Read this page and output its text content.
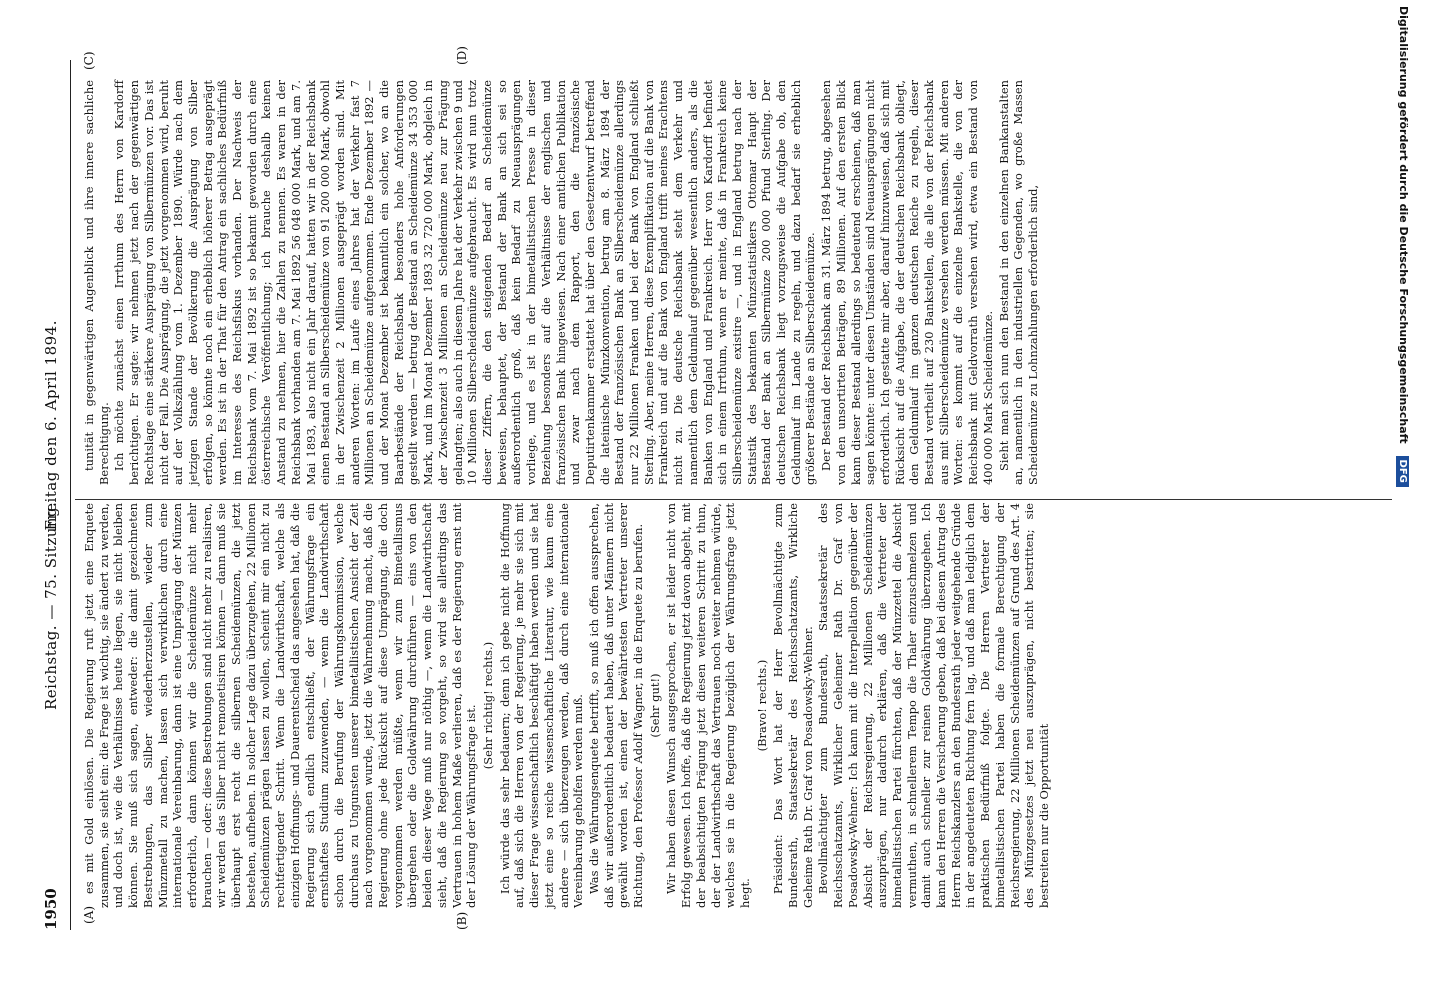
1950
Reichstag. — 75. Sitzung.
Freitag den 6. April 1894.
(A)	(B)
(C)	(D)

es mit Gold einlösen. Die Regierung ruft jetzt eine Enquete zusammen, sie sieht ein: die Frage ist wichtig, sie ändert zu werden, und doch ist, wie die Verhältnisse heute liegen, sie nicht bleiben können. Sie muß sich sagen, entweder: die damit gezeichneten Bestrebungen, das Silber wiederherzustellen, wieder zum Münzmetall zu machen, lassen sich verwirklichen durch eine internationale Vereinbarung, dann ist eine Umprägung der Münzen erforderlich, dann können wir die Scheidemünze nicht mehr brauchen — oder: diese Bestrebungen sind nicht mehr zu realisiren, wir werden das Silber nicht remonetisiren können — dann muß sie überhaupt erst recht die silbernen Scheidemünzen, die jetzt bestehen, aufheben. In solcher Lage dazu überzugehen, 22 Millionen Scheidemünzen prägen lassen zu wollen, scheint mir ein nicht zu rechtfertigender Schritt. Wenn die Landwirthschaft, welche als einzigen Hoffnungs- und Dauerentscheid das angesehen hat, daß die Regierung sich endlich entschließt, der Währungsfrage ein ernsthaftes Studium zuzuwenden, — wenn die Landwirthschaft schon durch die Berufung der Währungskommission, welche durchaus zu Ungunsten unserer bimetallistischen Ansicht der Zeit nach vorgenommen wurde, jetzt die Wahrnehmung macht, daß die Regierung ohne jede Rücksicht auf diese Umprägung, die doch vorgenommen werden müßte, wenn wir zum Bimetallismus übergehen oder die Goldwährung durchführen — eins von den beiden dieser Wege muß nur nöthig —, wenn die Landwirthschaft sieht, daß die Regierung so vorgeht, so wird sie allerdings das Vertrauen in hohem Maße verlieren, daß es der Regierung ernst mit der Lösung der Währungsfrage ist. (Sehr richtig! rechts.) Ich würde das sehr bedauern; denn ich gebe nicht die Hoffnung auf, daß sich die Herren von der Regierung, je mehr sie sich mit dieser Frage wissenschaftlich beschäftigt haben werden und sie hat jetzt eine so reiche wissenschaftliche Literatur, wie kaum eine andere — sich überzeugen werden, daß durch eine internationale Vereinbarung geholfen werden muß. Was die Währungsenquete betrifft, so muß ich offen aussprechen, daß wir außerordentlich bedauert haben, daß unter Männern nicht gewählt worden ist, einen der bewährtesten Vertreter unserer Richtung, den Professor Adolf Wagner, in die Enquete zu berufen. (Sehr gut!) Wir haben diesen Wunsch ausgesprochen, er ist leider nicht von Erfolg gewesen. Ich hoffe, daß die Regierung jetzt davon abgeht, mit der beabsichtigten Prägung jetzt diesen weiteren Schritt zu thun, der der Landwirthschaft das Vertrauen noch weiter nehmen würde, welches sie in die Regierung bezüglich der Währungsfrage jetzt hegt.

(Bravo! rechts.) Präsident: Das Wort hat der Herr Bevollmächtigte zum Bundesrath, Staatssekretär des Reichsschatzamts, Wirkliche Geheime Rath Dr. Graf von Posadowsky-Wehner. Bevollmächtigter zum Bundesrath, Staatssekretär des Reichsschatzamts, Wirklicher Geheimer Rath Dr. Graf von Posadowsky-Wehner: Ich kann mit die Interpellation gegenüber der Absicht der Reichsregierung, 22 Millionen Scheidemünzen auszuprägen, nur dadurch erklären, daß die Vertreter der bimetallistischen Partei fürchten, daß der Münzzettel die Absicht vermuthen, in schnellerem Tempo die Thaler einzuschmelzen und damit auch schneller zur reinen Goldwährung überzugehen. Ich kann den Herren die Versicherung geben, daß bei diesem Antrag des Herrn Reichskanzlers an den Bundesrath jeder weitgehende Gründe in der angedeuteten Richtung fern lag, und daß man lediglich dem praktischen Bedürfniß folgte. Die Herren Vertreter der bimetallistischen Partei haben die formale Berechtigung der Reichsregierung, 22 Millionen Scheidemünzen auf Grund des Art. 4 des Münzgesetzes jetzt neu auszuprägen, nicht bestritten; sie bestreiten nur die Opportunität

tunität in gegenwärtigen Augenblick und ihre innere sachliche Berechtigung. Ich möchte zunächst einen Irrthum des Herrn von Kardorff berichtigen. Er sagte: wir nehmen jetzt nach der gegenwärtigen Rechtslage eine stärkere Ausprägung von Silbermünzen vor. Das ist nicht der Fall. Die Ausprägung, die jetzt vorgenommen wird, beruht auf der Volkszählung vom 1. Dezember 1890. Würde nach dem jetzigen Stande der Bevölkerung die Ausprägung von Silber erfolgen, so könnte noch ein erheblich höherer Betrag ausgeprägt werden. Es ist in der That für den Antrag ein sachliches Bedürfniß im Interesse des Reichsfiskus vorhanden. Der Nachweis der Reichsbank vom 7. Mai 1892 ist so bekannt geworden durch eine österreichische Veröffentlichung; ich brauche deshalb keinen Anstand zu nehmen, hier die Zahlen zu nennen. Es waren in der Reichsbank vorhanden am 7. Mai 1892 56 048 000 Mark, und am 7. Mai 1893, also nicht ein Jahr darauf, hatten wir in der Reichsbank einen Bestand an Silberscheidemünze von 91 200 000 Mark, obwohl in der Zwischenzeit 2 Millionen ausgeprägt worden sind. Mit anderen Worten: im Laufe eines Jahres hat der Verkehr fast 7 Millionen an Scheidemünze aufgenommen. Ende Dezember 1892 — und der Monat Dezember ist bekanntlich ein solcher, wo an die Baarbestände der Reichsbank besonders hohe Anforderungen gestellt werden — betrug der Bestand an Scheidemünze 34 353 000 Mark, und im Monat Dezember 1893 32 720 000 Mark, obgleich in der Zwischenzeit 3 Millionen an Scheidemünze neu zur Prägung gelangten; also auch in diesem Jahre hat der Verkehr zwischen 9 und 10 Millionen Silberscheidemünze aufgebraucht. Es wird nun trotz dieser Ziffern, die den steigenden Bedarf an Scheidemünze beweisen, behauptet, der Bestand der Bank an sich sei so außerordentlich groß, daß kein Bedarf zu Neuausprägungen vorliege, und es ist in der bimetallistischen Presse in dieser Beziehung besonders auf die Verhältnisse der englischen und französischen Bank hingewiesen. Nach einer amtlichen Publikation und zwar nach dem Rapport, den die französische Deputirtenkammer erstattet hat über den Gesetzentwurf betreffend die lateinische Münzkonvention, betrug am 8. März 1894 der Bestand der französischen Bank an Silberscheidemünze allerdings nur 22 Millionen Franken und bei der Bank von England schließt Sterling. Aber, meine Herren, diese Exemplifikation auf die Bank von Frankreich und auf die Bank von England trifft meines Erachtens nicht zu. Die deutsche Reichsbank steht dem Verkehr und namentlich dem Geldumlauf gegenüber wesentlich anders, als die Banken von England und Frankreich. Herr von Kardorff befindet sich in einem Irrthum, wenn er meinte, daß in Frankreich keine Silberscheidemünze existire —, und in England betrug nach der Statistik des bekannten Münzstatistikers Ottomar Haupt der Bestand der Bank an Silbermünze 200 000 Pfund Sterling. Der deutschen Reichsbank liegt vorzugsweise die Aufgabe ob, den Geldumlauf im Lande zu regeln, und dazu bedarf sie erheblich größerer Bestände an Silberscheidemünze. Der Bestand der Reichsbank am 31. März 1894 betrug, abgesehen von den unsortirten Beträgen, 89 Millionen. Auf den ersten Blick kann dieser Bestand allerdings so bedeutend erscheinen, daß man sagen könnte: unter diesen Umständen sind Neuausprägungen nicht erforderlich. Ich gestatte mir aber, darauf hinzuweisen, daß sich mit Rücksicht auf die Aufgabe, die der deutschen Reichsbank obliegt, den Geldumlauf im ganzen deutschen Reiche zu regeln, dieser Bestand vertheilt auf 230 Bankstellen, die alle von der Reichsbank aus mit Silberscheidemünze versehen werden müssen. Mit anderen Worten: es kommt auf die einzelne Bankstelle, die von der Reichsbank mit Geldvorrath versehen wird, etwa ein Bestand von 400 000 Mark Scheidemünze. Sieht man sich nun den Bestand in den einzelnen Bankanstalten an, namentlich in den industriellen Gegenden, wo große Massen Scheidemünze zu Lohnzahlungen erforderlich sind,	Digitalisierung gefördert durch die Deutsche Forschungsgemeinschaft DFG
